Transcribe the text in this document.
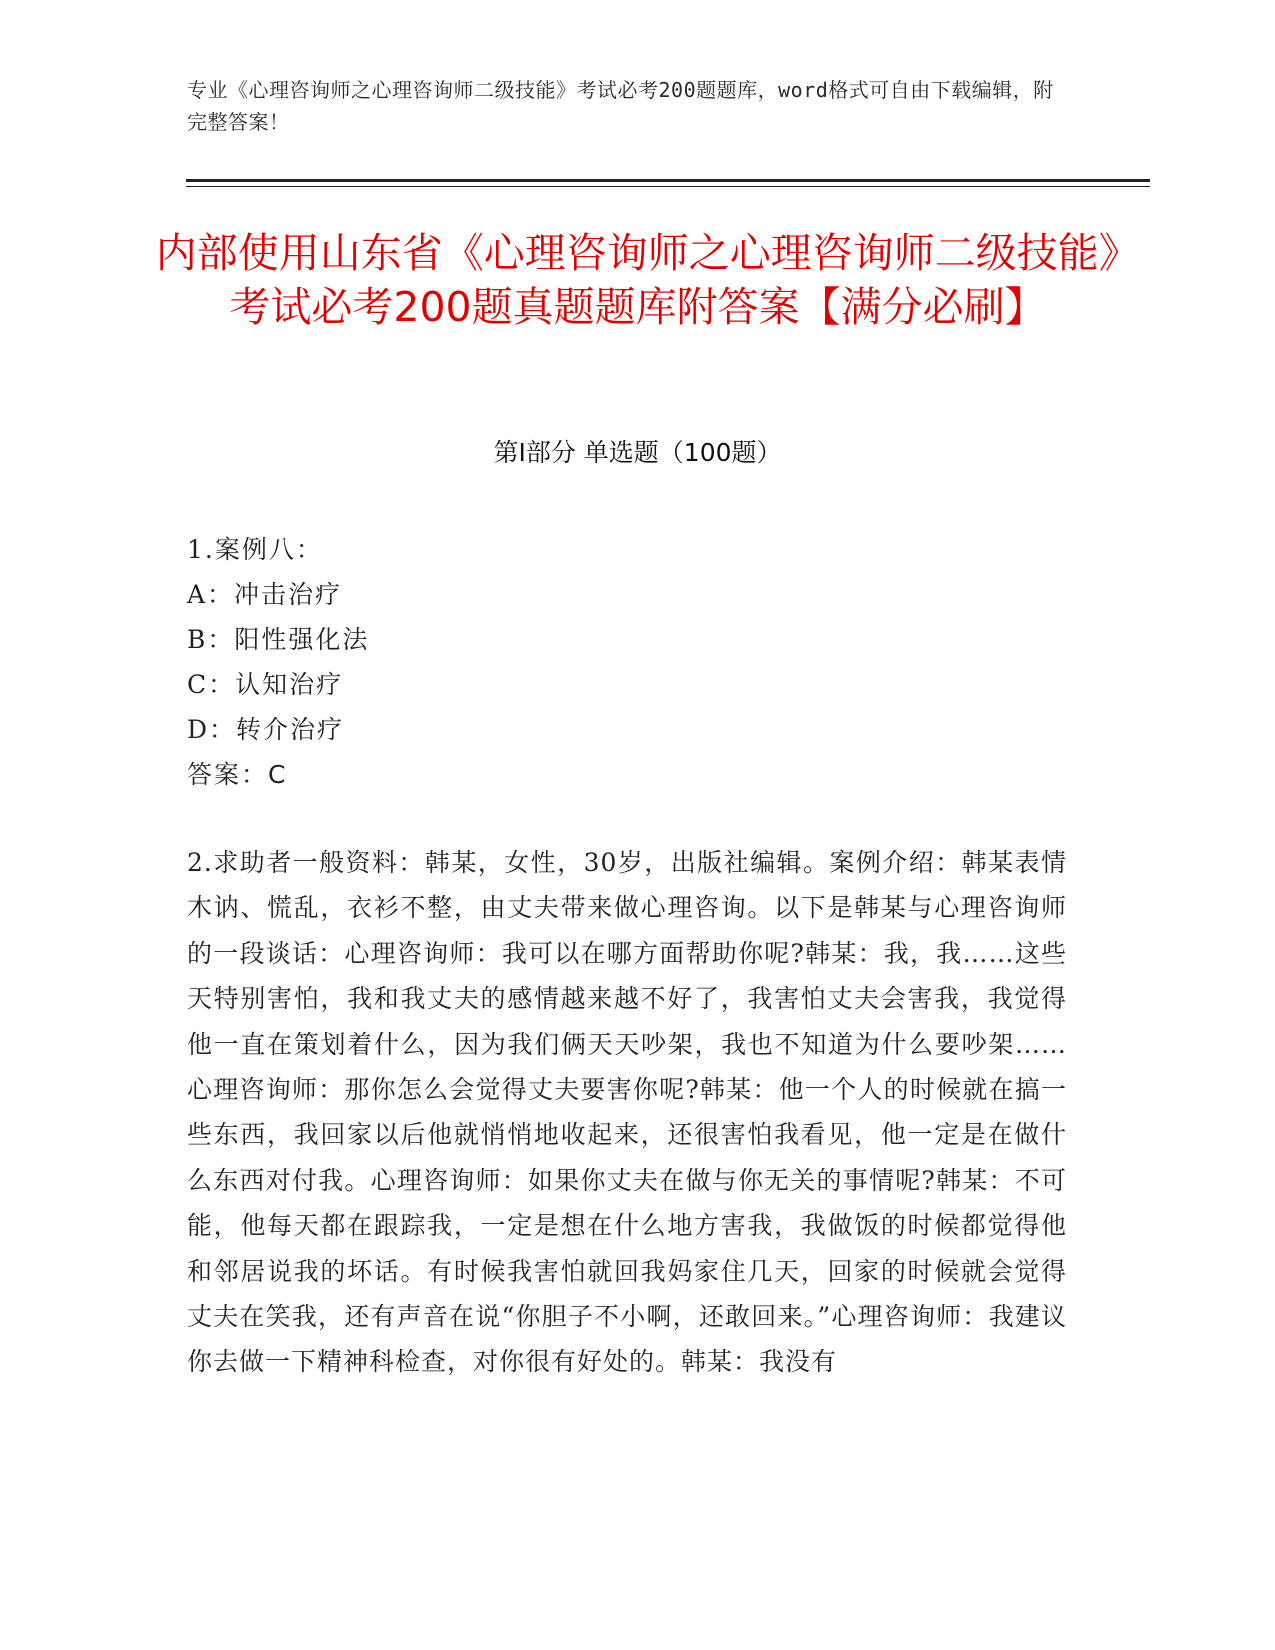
专业《心理咨询师之心理咨询师二级技能》考试必考200题题库，word格式可自由下载编辑，附完整答案！
内部使用山东省《心理咨询师之心理咨询师二级技能》考试必考200题真题题库附答案【满分必刷】
第Ⅰ部分 单选题（100题）
1.案例八：
A：冲击治疗
B：阳性强化法
C：认知治疗
D：转介治疗
答案：C
2.求助者一般资料：韩某，女性，30岁，出版社编辑。案例介绍：韩某表情木讷、慌乱，衣衫不整，由丈夫带来做心理咨询。以下是韩某与心理咨询师的一段谈话：心理咨询师：我可以在哪方面帮助你呢?韩某：我，我……这些天特别害怕，我和我丈夫的感情越来越不好了，我害怕丈夫会害我，我觉得他一直在策划着什么，因为我们俩天天吵架，我也不知道为什么要吵架……心理咨询师：那你怎么会觉得丈夫要害你呢?韩某：他一个人的时候就在搞一些东西，我回家以后他就悄悄地收起来，还很害怕我看见，他一定是在做什么东西对付我。心理咨询师：如果你丈夫在做与你无关的事情呢?韩某：不可能，他每天都在跟踪我，一定是想在什么地方害我，我做饭的时候都觉得他和邻居说我的坏话。有时候我害怕就回我妈家住几天，回家的时候就会觉得丈夫在笑我，还有声音在说“你胆子不小啊，还敢回来。”心理咨询师：我建议你去做一下精神科检查，对你很有好处的。韩某：我没有
